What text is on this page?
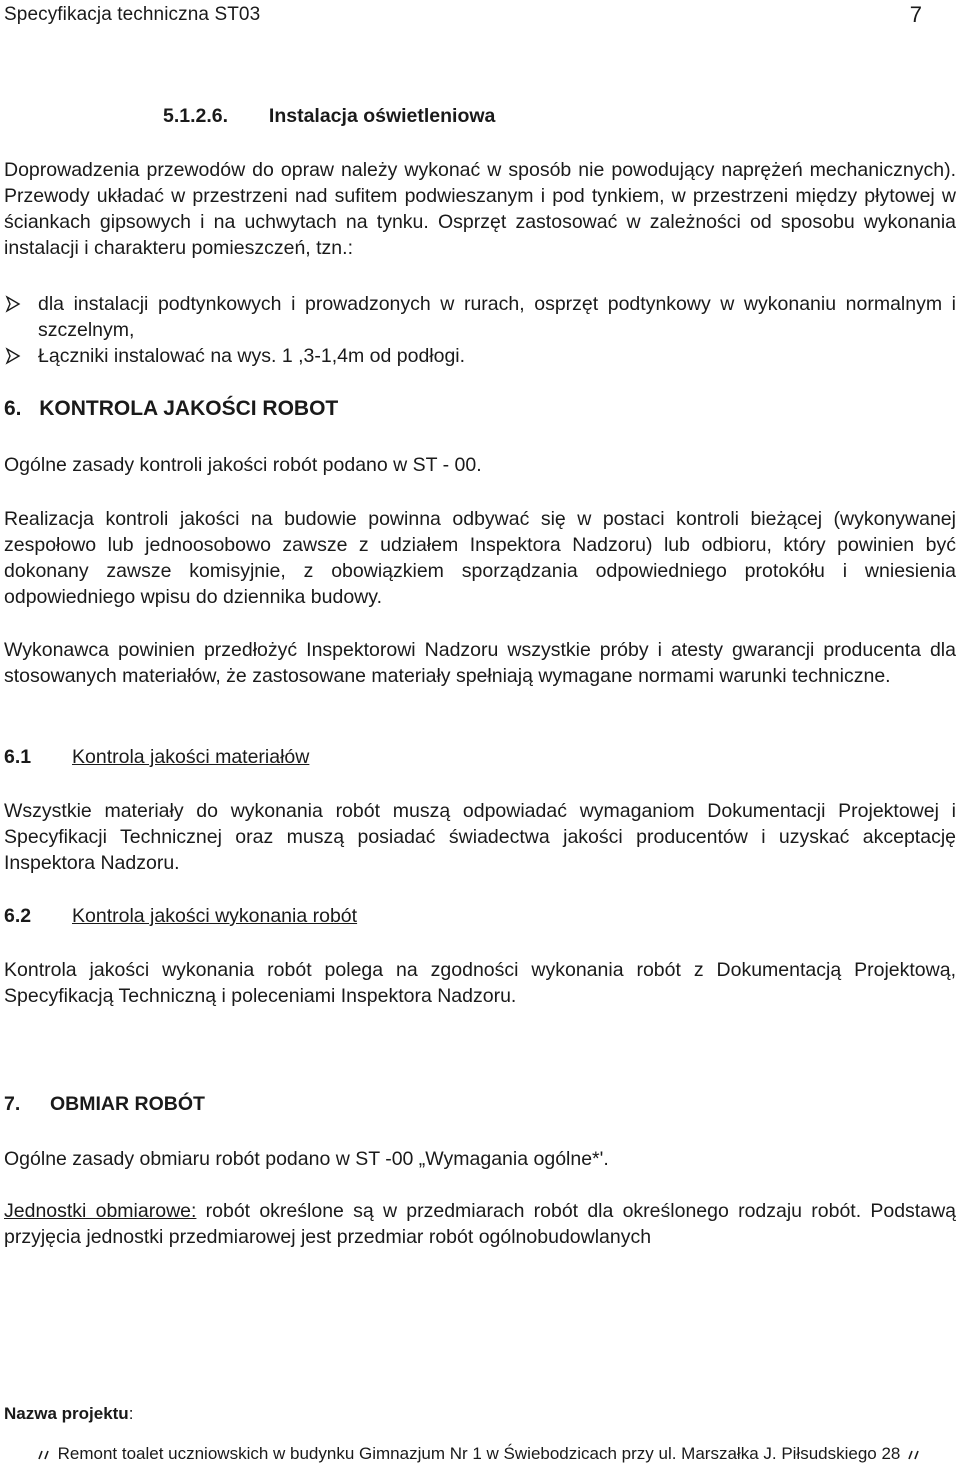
Specyfikacja techniczna ST03	7
5.1.2.6. Instalacja oświetleniowa
Doprowadzenia przewodów do opraw należy wykonać w sposób nie powodujący naprężeń mechanicznych). Przewody układać w przestrzeni nad sufitem podwieszanym i pod tynkiem, w przestrzeni między płytowej w ściankach gipsowych i na uchwytach na tynku. Osprzęt zastosować w zależności od sposobu wykonania instalacji i charakteru pomieszczeń, tzn.:
dla instalacji podtynkowych i prowadzonych w rurach, osprzęt podtynkowy w wykonaniu normalnym i szczelnym,
Łączniki instalować na wys. 1 ,3-1,4m od podłogi.
6. KONTROLA JAKOŚCI ROBOT
Ogólne zasady kontroli jakości robót podano w ST - 00.
Realizacja kontroli jakości na budowie powinna odbywać się w postaci kontroli bieżącej (wykonywanej zespołowo lub jednoosobowo zawsze z udziałem Inspektora Nadzoru) lub odbioru, który powinien być dokonany zawsze komisyjnie, z obowiązkiem sporządzania odpowiedniego protokółu i wniesienia odpowiedniego wpisu do dziennika budowy.
Wykonawca powinien przedłożyć Inspektorowi Nadzoru wszystkie próby i atesty gwarancji producenta dla stosowanych materiałów, że zastosowane materiały spełniają wymagane normami warunki techniczne.
6.1 Kontrola jakości materiałów
Wszystkie materiały do wykonania robót muszą odpowiadać wymaganiom Dokumentacji Projektowej i Specyfikacji Technicznej oraz muszą posiadać świadectwa jakości producentów i uzyskać akceptację Inspektora Nadzoru.
6.2 Kontrola jakości wykonania robót
Kontrola jakości wykonania robót polega na zgodności wykonania robót z Dokumentacją Projektową, Specyfikacją Techniczną i poleceniami Inspektora Nadzoru.
7. OBMIAR ROBÓT
Ogólne zasady obmiaru robót podano w ST -00 „Wymagania ogólne*'.
Jednostki obmiarowe: robót określone są w przedmiarach robót dla określonego rodzaju robót. Podstawą przyjęcia jednostki przedmiarowej jest przedmiar robót ogólnobudowlanych
Nazwa projektu:
Remont toalet uczniowskich w budynku Gimnazjum Nr 1 w Świebodzicach przy ul. Marszałka J. Piłsudskiego 28
